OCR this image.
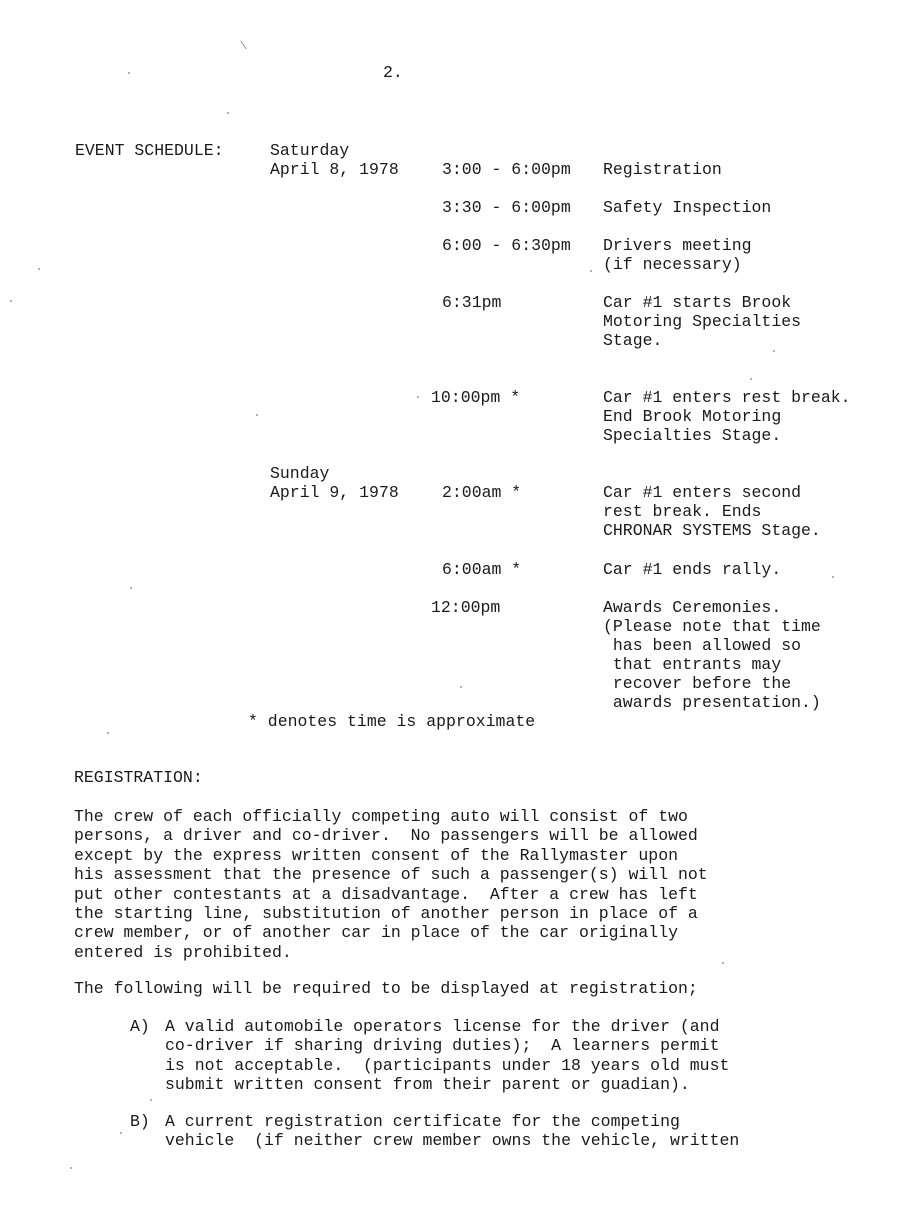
2.
EVENT SCHEDULE:	Saturday
April 8, 1978	3:00 - 6:00pm Registration
3:30 - 6:00pm Safety Inspection
6:00 - 6:30pm Drivers meeting
(if necessary)
6:31pm	Car #1 starts Brook
Motoring Specialties
Stage.
10:00pm *	Car #1 enters rest break.
End Brook Motoring
Specialties Stage.
Sunday
April 9, 1978	2:00am *	Car #1 enters second
rest break. Ends
CHRONAR SYSTEMS Stage.
6:00am *	Car #1 ends rally.
12:00pm	Awards Ceremonies.
(Please note that time
has been allowed so
that entrants may
recover before the
awards presentation.)
* denotes time is approximate
REGISTRATION:
The crew of each officially competing auto will consist of two
persons, a driver and co-driver.  No passengers will be allowed
except by the express written consent of the Rallymaster upon
his assessment that the presence of such a passenger(s) will not
put other contestants at a disadvantage.  After a crew has left
the starting line, substitution of another person in place of a
crew member, or of another car in place of the car originally
entered is prohibited.
The following will be required to be displayed at registration;
A) A valid automobile operators license for the driver (and
co-driver if sharing driving duties);  A learners permit
is not acceptable.  (participants under 18 years old must
submit written consent from their parent or guadian).
B) A current registration certificate for the competing
vehicle  (if neither crew member owns the vehicle, written
